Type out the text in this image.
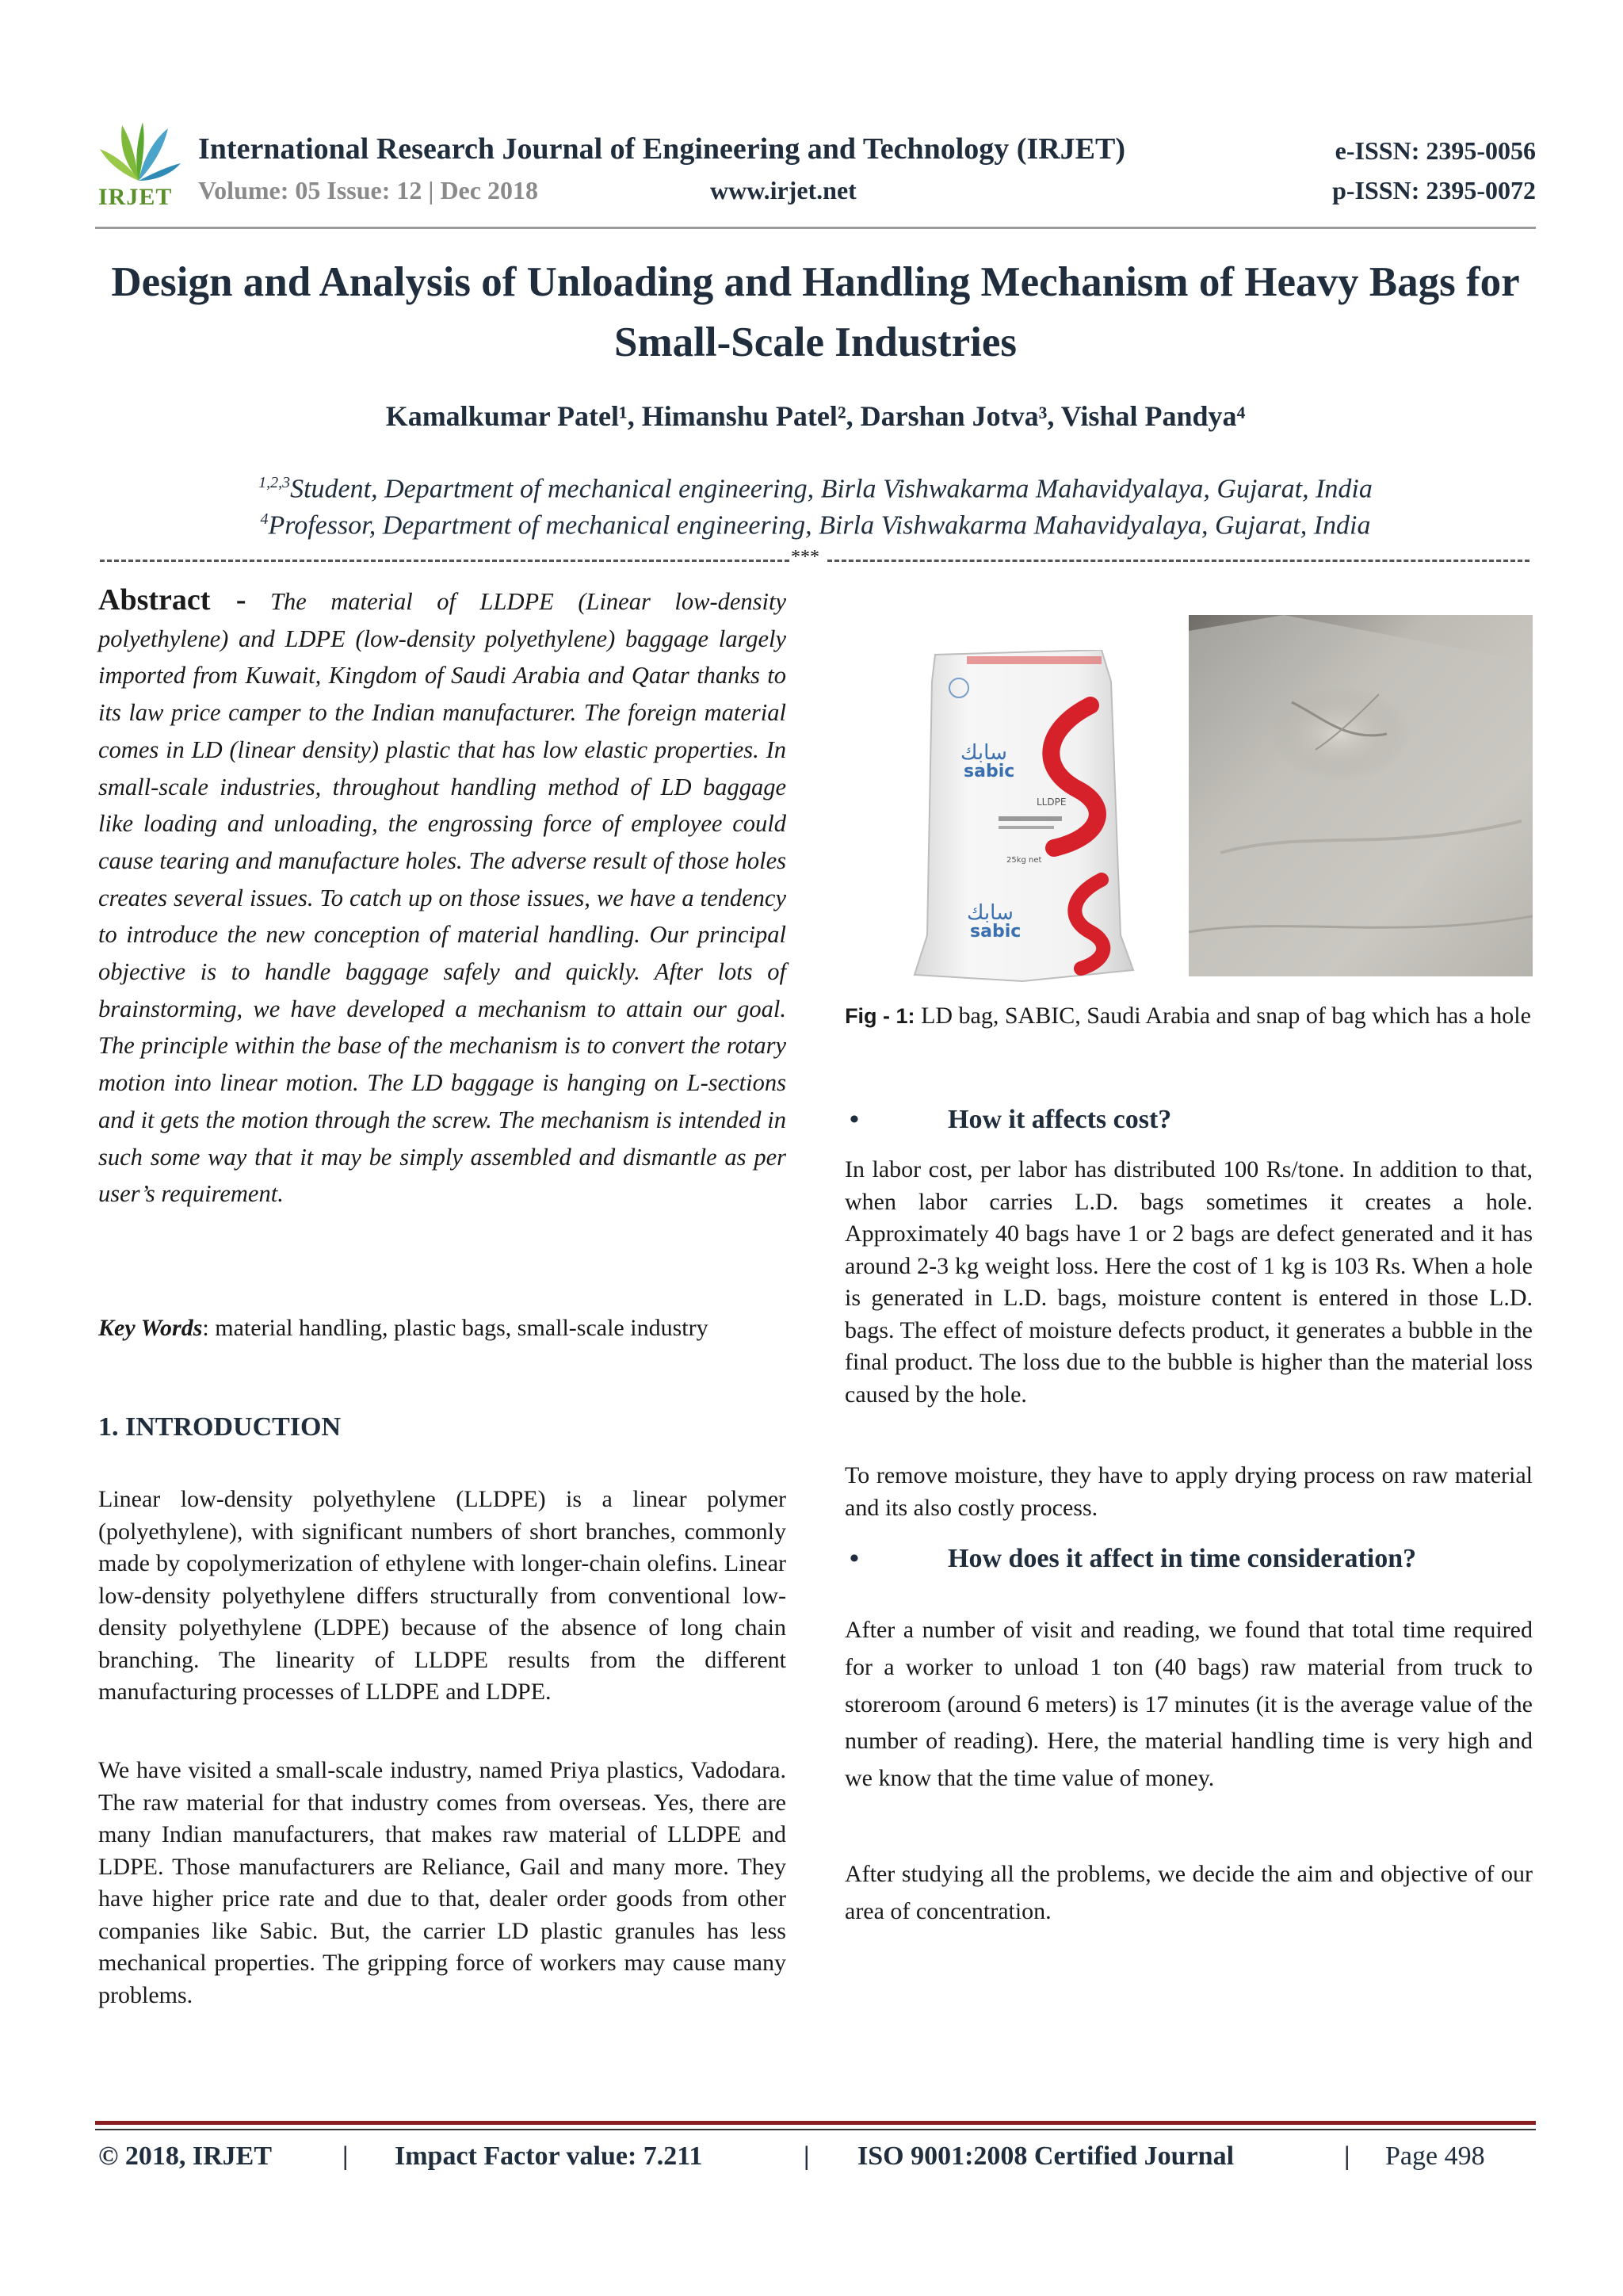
IRJET
International Research Journal of Engineering and Technology (IRJET)	e-ISSN: 2395-0056
Volume: 05 Issue: 12 | Dec 2018	www.irjet.net	p-ISSN: 2395-0072
Design and Analysis of Unloading and Handling Mechanism of Heavy Bags for Small-Scale Industries
Kamalkumar Patel¹, Himanshu Patel², Darshan Jotva³, Vishal Pandya⁴
$^{1,2,3}$Student, Department of mechanical engineering, Birla Vishwakarma Mahavidyalaya, Gujarat, India
$^4$Professor, Department of mechanical engineering, Birla Vishwakarma Mahavidyalaya, Gujarat, India
***
Abstract - The material of LLDPE (Linear low-density polyethylene) and LDPE (low-density polyethylene) baggage largely imported from Kuwait, Kingdom of Saudi Arabia and Qatar thanks to its law price camper to the Indian manufacturer. The foreign material comes in LD (linear density) plastic that has low elastic properties. In small-scale industries, throughout handling method of LD baggage like loading and unloading, the engrossing force of employee could cause tearing and manufacture holes. The adverse result of those holes creates several issues. To catch up on those issues, we have a tendency to introduce the new conception of material handling. Our principal objective is to handle baggage safely and quickly. After lots of brainstorming, we have developed a mechanism to attain our goal. The principle within the base of the mechanism is to convert the rotary motion into linear motion. The LD baggage is hanging on L-sections and it gets the motion through the screw. The mechanism is intended in such some way that it may be simply assembled and dismantle as per user’s requirement.
Key Words: material handling, plastic bags, small-scale industry
1. INTRODUCTION
Linear low-density polyethylene (LLDPE) is a linear polymer (polyethylene), with significant numbers of short branches, commonly made by copolymerization of ethylene with longer-chain olefins. Linear low-density polyethylene differs structurally from conventional low-density polyethylene (LDPE) because of the absence of long chain branching. The linearity of LLDPE results from the different manufacturing processes of LLDPE and LDPE.
We have visited a small-scale industry, named Priya plastics, Vadodara. The raw material for that industry comes from overseas. Yes, there are many Indian manufacturers, that makes raw material of LLDPE and LDPE. Those manufacturers are Reliance, Gail and many more. They have higher price rate and due to that, dealer order goods from other companies like Sabic. But, the carrier LD plastic granules has less mechanical properties. The gripping force of workers may cause many problems.
سابك
sabic
LLDPE
25kg net
سابك
sabic
Fig - 1: LD bag, SABIC, Saudi Arabia and snap of bag which has a hole
•	How it affects cost?
In labor cost, per labor has distributed 100 Rs/tone. In addition to that, when labor carries L.D. bags sometimes it creates a hole. Approximately 40 bags have 1 or 2 bags are defect generated and it has around 2-3 kg weight loss. Here the cost of 1 kg is 103 Rs. When a hole is generated in L.D. bags, moisture content is entered in those L.D. bags. The effect of moisture defects product, it generates a bubble in the final product. The loss due to the bubble is higher than the material loss caused by the hole.
To remove moisture, they have to apply drying process on raw material and its also costly process.
•	How does it affect in time consideration?
After a number of visit and reading, we found that total time required for a worker to unload 1 ton (40 bags) raw material from truck to storeroom (around 6 meters) is 17 minutes (it is the average value of the number of reading). Here, the material handling time is very high and we know that the time value of money.
After studying all the problems, we decide the aim and objective of our area of concentration.
© 2018, IRJET	| Impact Factor value: 7.211	| ISO 9001:2008 Certified Journal	| Page 498
